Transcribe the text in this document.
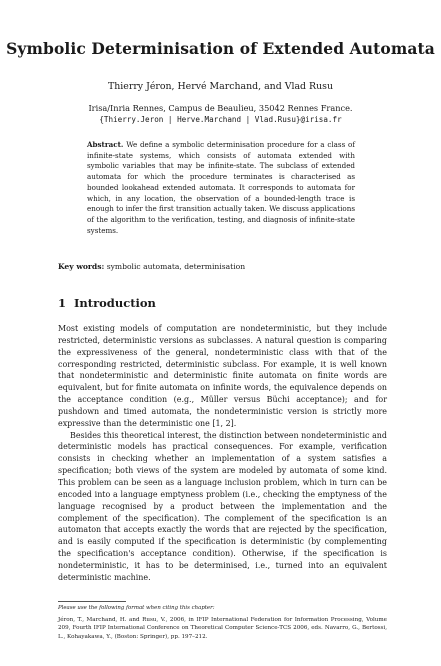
Symbolic Determinisation of Extended Automata
Thierry Jéron, Hervé Marchand, and Vlad Rusu
Irisa/Inria Rennes, Campus de Beaulieu, 35042 Rennes France.
{Thierry.Jeron | Herve.Marchand | Vlad.Rusu}@irisa.fr
Abstract. We define a symbolic determinisation procedure for a class of infinite-state systems, which consists of automata extended with symbolic variables that may be infinite-state. The subclass of extended automata for which the procedure terminates is characterised as bounded lookahead extended automata. It corresponds to automata for which, in any location, the observation of a bounded-length trace is enough to infer the first transition actually taken. We discuss applications of the algorithm to the verification, testing, and diagnosis of infinite-state systems.
Key words: symbolic automata, determinisation
1 Introduction

Most existing models of computation are nondeterministic, but they include restricted, deterministic versions as subclasses. A natural question is comparing the expressiveness of the general, nondeterministic class with that of the corresponding restricted, deterministic subclass. For example, it is well known that nondeterministic and deterministic finite automata on finite words are equivalent, but for finite automata on infinite words, the equivalence depends on the acceptance condition (e.g., Müller versus Büchi acceptance); and for pushdown and timed automata, the nondeterministic version is strictly more expressive than the deterministic one [1, 2].

Besides this theoretical interest, the distinction between nondeterministic and deterministic models has practical consequences. For example, verification consists in checking whether an implementation of a system satisfies a specification; both views of the system are modeled by automata of some kind. This problem can be seen as a language inclusion problem, which in turn can be encoded into a language emptyness problem (i.e., checking the emptyness of the language recognised by a product between the implementation and the complement of the specification). The complement of the specification is an automaton that accepts exactly the words that are rejected by the specification, and is easily computed if the specification is deterministic (by complementing the specification's acceptance condition). Otherwise, if the specification is nondeterministic, it has to be determinised, i.e., turned into an equivalent deterministic machine.

Please use the following format when citing this chapter:
Jéron, T., Marchand, H. and Rusu, V., 2006, in IFIP International Federation for Information Processing, Volume 209, Fourth IFIP International Conference on Theoretical Computer Science-TCS 2006, eds. Navarro, G., Bertossi, L., Kohayakawa, Y., (Boston: Springer), pp. 197–212.
